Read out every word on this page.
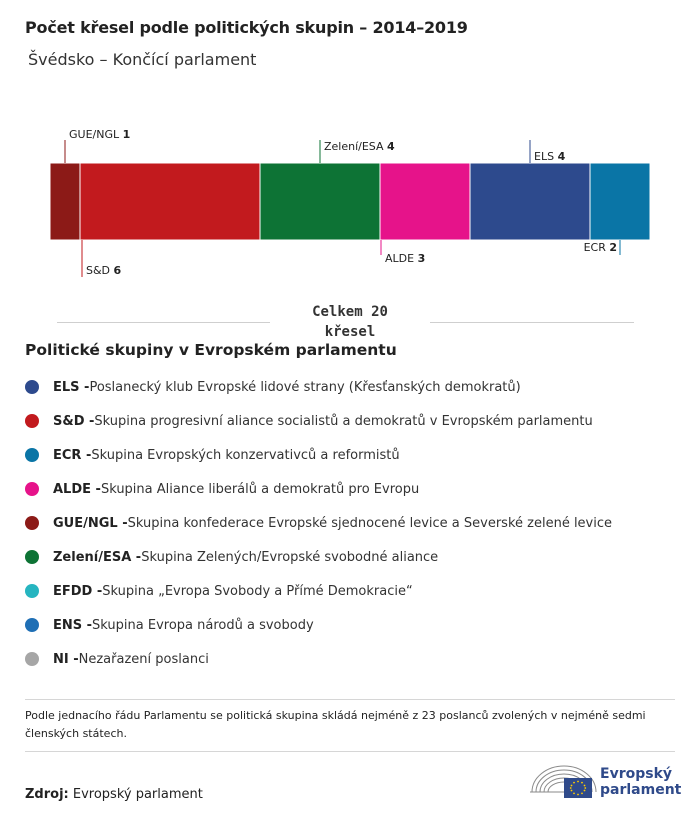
Počet křesel podle politických skupin – 2014–2019
Švédsko – Končící parlament
GUE/NGL 1
S&D 6
Zelení/ESA 4
ALDE 3
ELS 4
ECR 2
Celkem 20
křesel
Politické skupiny v Evropském parlamentu
ELS - Poslanecký klub Evropské lidové strany (Křesťanských demokratů)
S&D - Skupina progresivní aliance socialistů a demokratů v Evropském parlamentu
ECR - Skupina Evropských konzervativců a reformistů
ALDE - Skupina Aliance liberálů a demokratů pro Evropu
GUE/NGL - Skupina konfederace Evropské sjednocené levice a Severské zelené levice
Zelení/ESA - Skupina Zelených/Evropské svobodné aliance
EFDD - Skupina „Evropa Svobody a Přímé Demokracie“
ENS - Skupina Evropa národů a svobody
NI - Nezařazení poslanci
Podle jednacího řádu Parlamentu se politická skupina skládá nejméně z 23 poslanců zvolených v nejméně sedmi členských státech.
Zdroj: Evropský parlament
Evropský
parlament
